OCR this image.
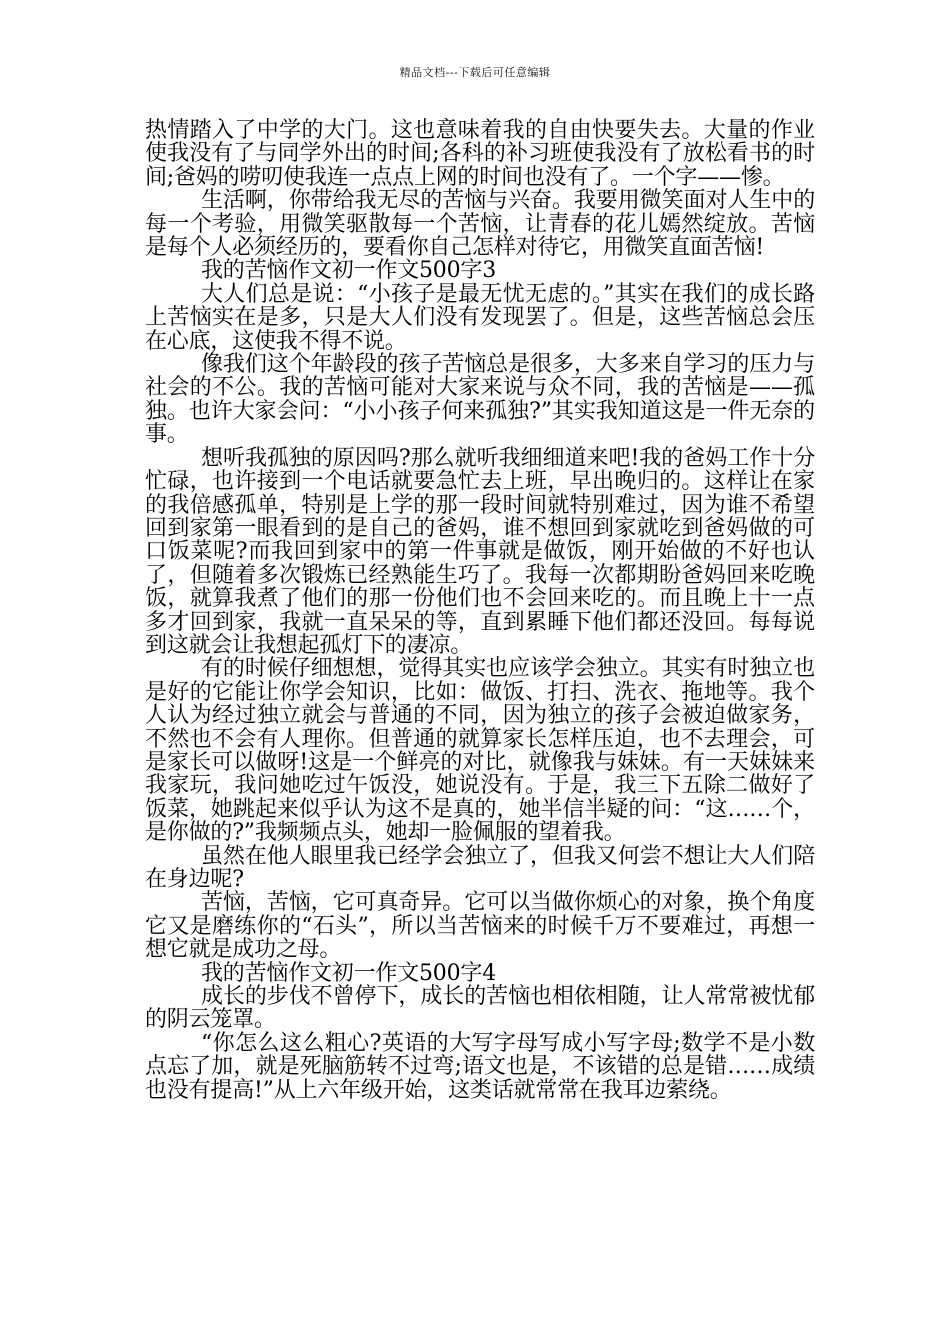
精品文档---下载后可任意编辑

热情踏入了中学的大门。这也意味着我的自由快要失去。大量的作业使我没有了与同学外出的时间;各科的补习班使我没有了放松看书的时间;爸妈的唠叨使我连一点点上网的时间也没有了。一个字——惨。

生活啊，你带给我无尽的苦恼与兴奋。我要用微笑面对人生中的每一个考验，用微笑驱散每一个苦恼，让青春的花儿嫣然绽放。苦恼是每个人必须经历的，要看你自己怎样对待它，用微笑直面苦恼!

我的苦恼作文初一作文500字3

大人们总是说：“小孩子是最无忧无虑的。”其实在我们的成长路上苦恼实在是多，只是大人们没有发现罢了。但是，这些苦恼总会压在心底，这使我不得不说。

像我们这个年龄段的孩子苦恼总是很多，大多来自学习的压力与社会的不公。我的苦恼可能对大家来说与众不同，我的苦恼是——孤独。也许大家会问：“小小孩子何来孤独?”其实我知道这是一件无奈的事。

想听我孤独的原因吗?那么就听我细细道来吧!我的爸妈工作十分忙碌，也许接到一个电话就要急忙去上班，早出晚归的。这样让在家的我倍感孤单，特别是上学的那一段时间就特别难过，因为谁不希望回到家第一眼看到的是自己的爸妈，谁不想回到家就吃到爸妈做的可口饭菜呢?而我回到家中的第一件事就是做饭，刚开始做的不好也认了，但随着多次锻炼已经熟能生巧了。我每一次都期盼爸妈回来吃晚饭，就算我煮了他们的那一份他们也不会回来吃的。而且晚上十一点多才回到家，我就一直呆呆的等，直到累睡下他们都还没回。每每说到这就会让我想起孤灯下的凄凉。

有的时候仔细想想，觉得其实也应该学会独立。其实有时独立也是好的它能让你学会知识，比如：做饭、打扫、洗衣、拖地等。我个人认为经过独立就会与普通的不同，因为独立的孩子会被迫做家务，不然也不会有人理你。但普通的就算家长怎样压迫，也不去理会，可是家长可以做呀!这是一个鲜亮的对比，就像我与妹妹。有一天妹妹来我家玩，我问她吃过午饭没，她说没有。于是，我三下五除二做好了饭菜，她跳起来似乎认为这不是真的，她半信半疑的问：“这……个，是你做的?”我频频点头，她却一脸佩服的望着我。

虽然在他人眼里我已经学会独立了，但我又何尝不想让大人们陪在身边呢?

苦恼，苦恼，它可真奇异。它可以当做你烦心的对象，换个角度它又是磨练你的“石头”，所以当苦恼来的时候千万不要难过，再想一想它就是成功之母。

我的苦恼作文初一作文500字4

成长的步伐不曾停下，成长的苦恼也相依相随，让人常常被忧郁的阴云笼罩。

“你怎么这么粗心?英语的大写字母写成小写字母;数学不是小数点忘了加，就是死脑筋转不过弯;语文也是，不该错的总是错……成绩也没有提高!”从上六年级开始，这类话就常常在我耳边萦绕。
